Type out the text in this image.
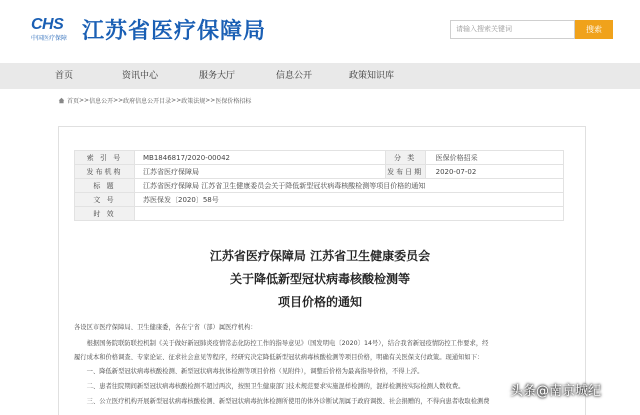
CHS
中国医疗保障 江苏省医疗保障局	请输入搜索关键词	搜索
首页	资讯中心	服务大厅	信息公开	政策知识库
首页 >> 信息公开 >> 政府信息公开目录 >> 政策法规 >> 医保价格招标
索 引 号	MB1846817/2020-00042	分 类	医保价格招采
发布机构	江苏省医疗保障局	发布日期	2020-07-02
标 题	江苏省医疗保障局 江苏省卫生健康委员会关于降低新型冠状病毒核酸检测等项目价格的通知		
文 号	苏医保发〔2020〕58号		
时 效			
江苏省医疗保障局 江苏省卫生健康委员会
关于降低新型冠状病毒核酸检测等
项目价格的通知
各设区市医疗保障局、卫生健康委，各在宁省（部）属医疗机构：
　　根据国务院联防联控机制《关于做好新冠肺炎疫情常态化防控工作的指导意见》（国发明电〔2020〕14号），结合我省新冠疫情防控工作要求，经
履行成本和价格调查、专家论证、征求社会意见等程序，经研究决定降低新型冠状病毒核酸检测等项目价格，明确有关医保支付政策。现通知如下：
　　一、降低新型冠状病毒核酸检测、新型冠状病毒抗体检测等项目价格（见附件），调整后价格为最高指导价格，不得上浮。
　　二、患者往院期间新型冠状病毒核酸检测不超过两次，按照卫生健康部门技术规范要求实施混样检测的，混样检测按实际检测人数收费。
　　三、公立医疗机构开展新型冠状病毒核酸检测、新型冠状病毒抗体检测所使用的体外诊断试剂属于政府调拨、社会捐赠的，不得向患者收取检测费
头条@南京城纪
